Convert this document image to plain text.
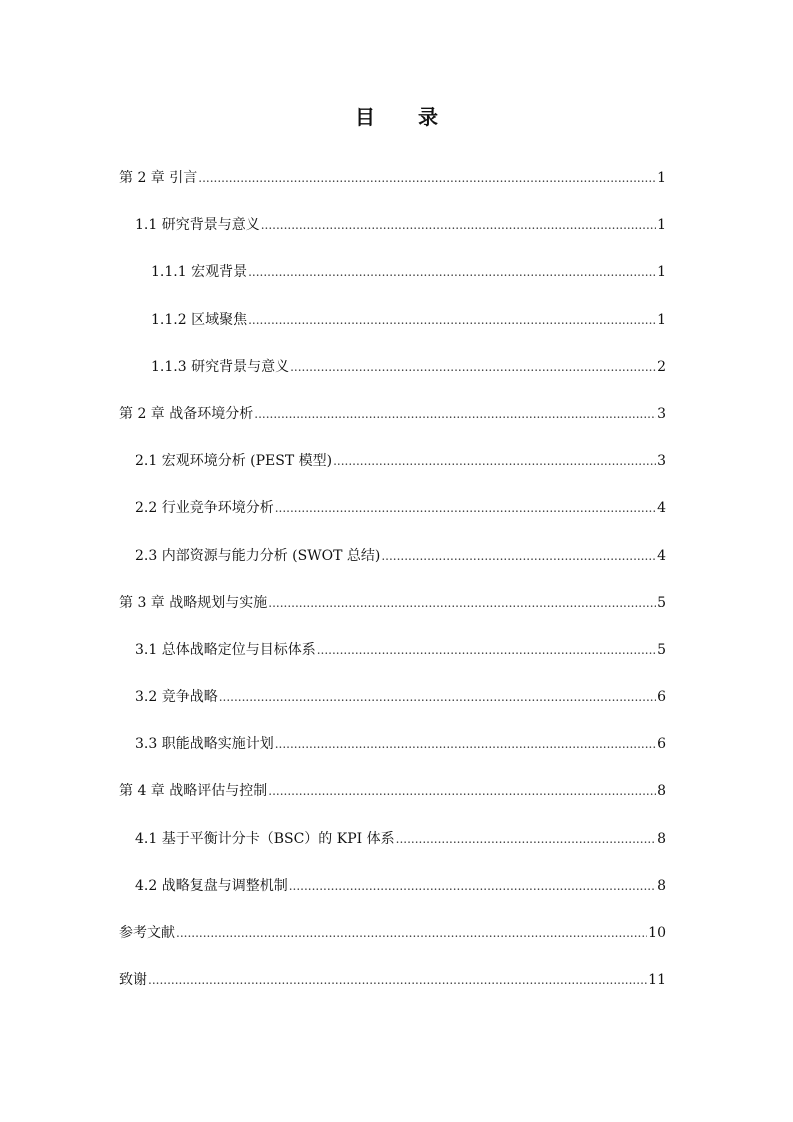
目 录
第 2 章 引言 .....	1
1.1 研究背景与意义 .....	1
1.1.1 宏观背景 .....	1
1.1.2 区域聚焦 .....	1
1.1.3 研究背景与意义 .....	2
第 2 章 战备环境分析 .....	3
2.1 宏观环境分析 (PEST 模型) .....	3
2.2 行业竞争环境分析 .....	4
2.3 内部资源与能力分析 (SWOT 总结) .....	4
第 3 章 战略规划与实施 .....	5
3.1 总体战略定位与目标体系 .....	5
3.2 竞争战略 .....	6
3.3 职能战略实施计划 .....	6
第 4 章 战略评估与控制 .....	8
4.1 基于平衡计分卡（BSC）的 KPI 体系 .....	8
4.2 战略复盘与调整机制 .....	8
参考文献 .....	10
致谢 .....	11
